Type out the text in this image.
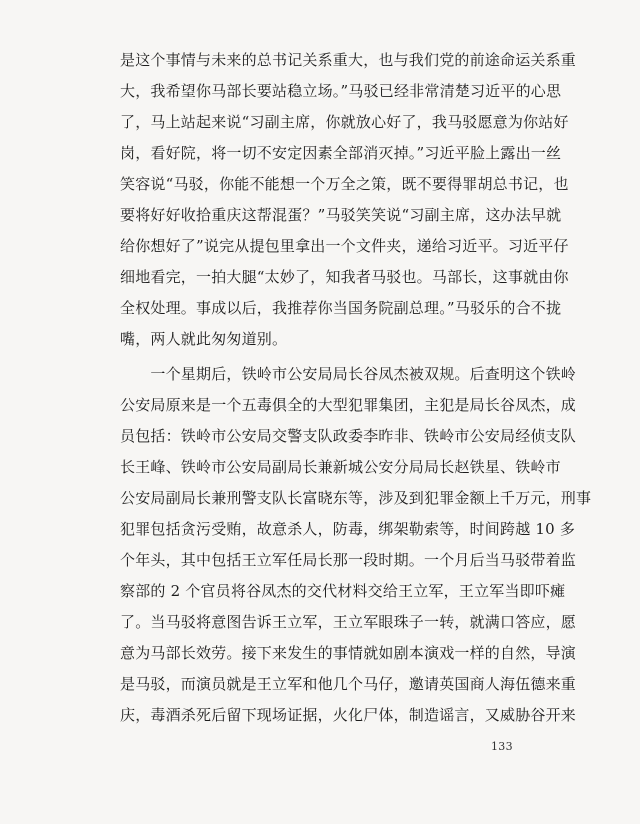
是这个事情与未来的总书记关系重大，也与我们党的前途命运关系重
大，我希望你马部长要站稳立场。”马驳已经非常清楚习近平的心思
了，马上站起来说“习副主席，你就放心好了，我马驳愿意为你站好
岗，看好院，将一切不安定因素全部消灭掉。”习近平脸上露出一丝
笑容说“马驳，你能不能想一个万全之策，既不要得罪胡总书记，也
要将好好收拾重庆这帮混蛋？”马驳笑笑说“习副主席，这办法早就
给你想好了”说完从提包里拿出一个文件夹，递给习近平。习近平仔
细地看完，一拍大腿“太妙了，知我者马驳也。马部长，这事就由你
全权处理。事成以后，我推荐你当国务院副总理。”马驳乐的合不拢
嘴，两人就此匆匆道别。
　　一个星期后，铁岭市公安局局长谷凤杰被双规。后查明这个铁岭
公安局原来是一个五毒俱全的大型犯罪集团，主犯是局长谷凤杰，成
员包括：铁岭市公安局交警支队政委李昨非、铁岭市公安局经侦支队
长王峰、铁岭市公安局副局长兼新城公安分局局长赵铁星、铁岭市
公安局副局长兼刑警支队长富晓东等，涉及到犯罪金额上千万元，刑事
犯罪包括贪污受贿，故意杀人，防毒，绑架勒索等，时间跨越 10 多
个年头，其中包括王立军任局长那一段时期。一个月后当马驳带着监
察部的 2 个官员将谷凤杰的交代材料交给王立军，王立军当即吓瘫
了。当马驳将意图告诉王立军，王立军眼珠子一转，就满口答应，愿
意为马部长效劳。接下来发生的事情就如剧本演戏一样的自然，导演
是马驳，而演员就是王立军和他几个马仔，邀请英国商人海伍德来重
庆，毒酒杀死后留下现场证据，火化尸体，制造谣言，又威胁谷开来
133
